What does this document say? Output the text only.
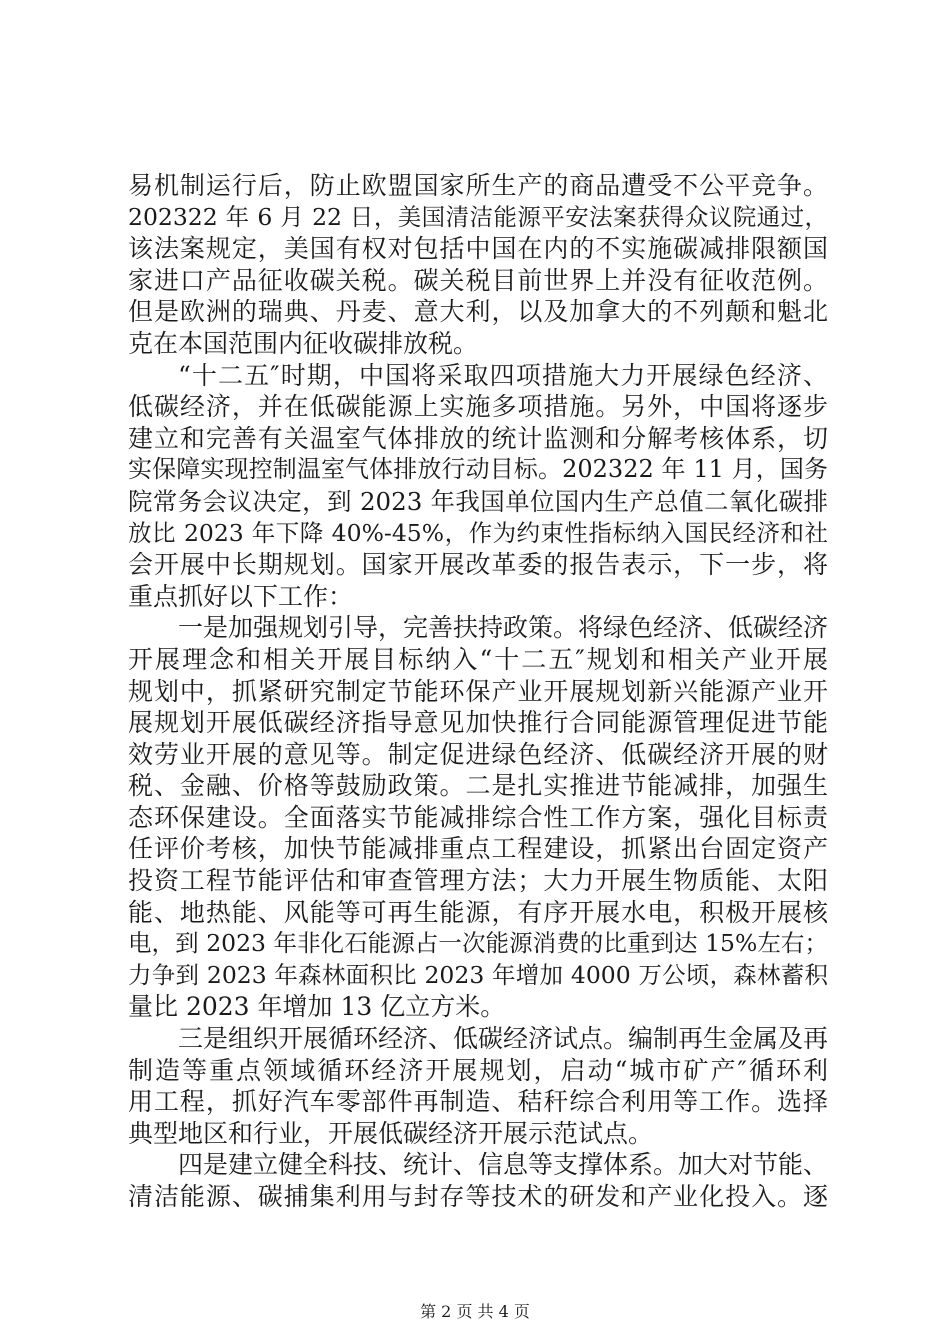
易机制运行后，防止欧盟国家所生产的商品遭受不公平竞争。
202322 年 6 月 22 日，美国清洁能源平安法案获得众议院通过，
该法案规定，美国有权对包括中国在内的不实施碳减排限额国
家进口产品征收碳关税。碳关税目前世界上并没有征收范例。
但是欧洲的瑞典、丹麦、意大利，以及加拿大的不列颠和魁北
克在本国范围内征收碳排放税。
“十二五″时期，中国将采取四项措施大力开展绿色经济、
低碳经济，并在低碳能源上实施多项措施。另外，中国将逐步
建立和完善有关温室气体排放的统计监测和分解考核体系，切
实保障实现控制温室气体排放行动目标。202322 年 11 月，国务
院常务会议决定，到 2023 年我国单位国内生产总值二氧化碳排
放比 2023 年下降 40%-45%，作为约束性指标纳入国民经济和社
会开展中长期规划。国家开展改革委的报告表示，下一步，将
重点抓好以下工作：
一是加强规划引导，完善扶持政策。将绿色经济、低碳经济
开展理念和相关开展目标纳入“十二五″规划和相关产业开展
规划中，抓紧研究制定节能环保产业开展规划新兴能源产业开
展规划开展低碳经济指导意见加快推行合同能源管理促进节能
效劳业开展的意见等。制定促进绿色经济、低碳经济开展的财
税、金融、价格等鼓励政策。二是扎实推进节能减排，加强生
态环保建设。全面落实节能减排综合性工作方案，强化目标责
任评价考核，加快节能减排重点工程建设，抓紧出台固定资产
投资工程节能评估和审查管理方法；大力开展生物质能、太阳
能、地热能、风能等可再生能源，有序开展水电，积极开展核
电，到 2023 年非化石能源占一次能源消费的比重到达 15%左右；
力争到 2023 年森林面积比 2023 年增加 4000 万公顷，森林蓄积
量比 2023 年增加 13 亿立方米。
三是组织开展循环经济、低碳经济试点。编制再生金属及再
制造等重点领域循环经济开展规划，启动“城市矿产″循环利
用工程，抓好汽车零部件再制造、秸秆综合利用等工作。选择
典型地区和行业，开展低碳经济开展示范试点。
四是建立健全科技、统计、信息等支撑体系。加大对节能、
清洁能源、碳捕集利用与封存等技术的研发和产业化投入。逐
第 2 页 共 4 页
